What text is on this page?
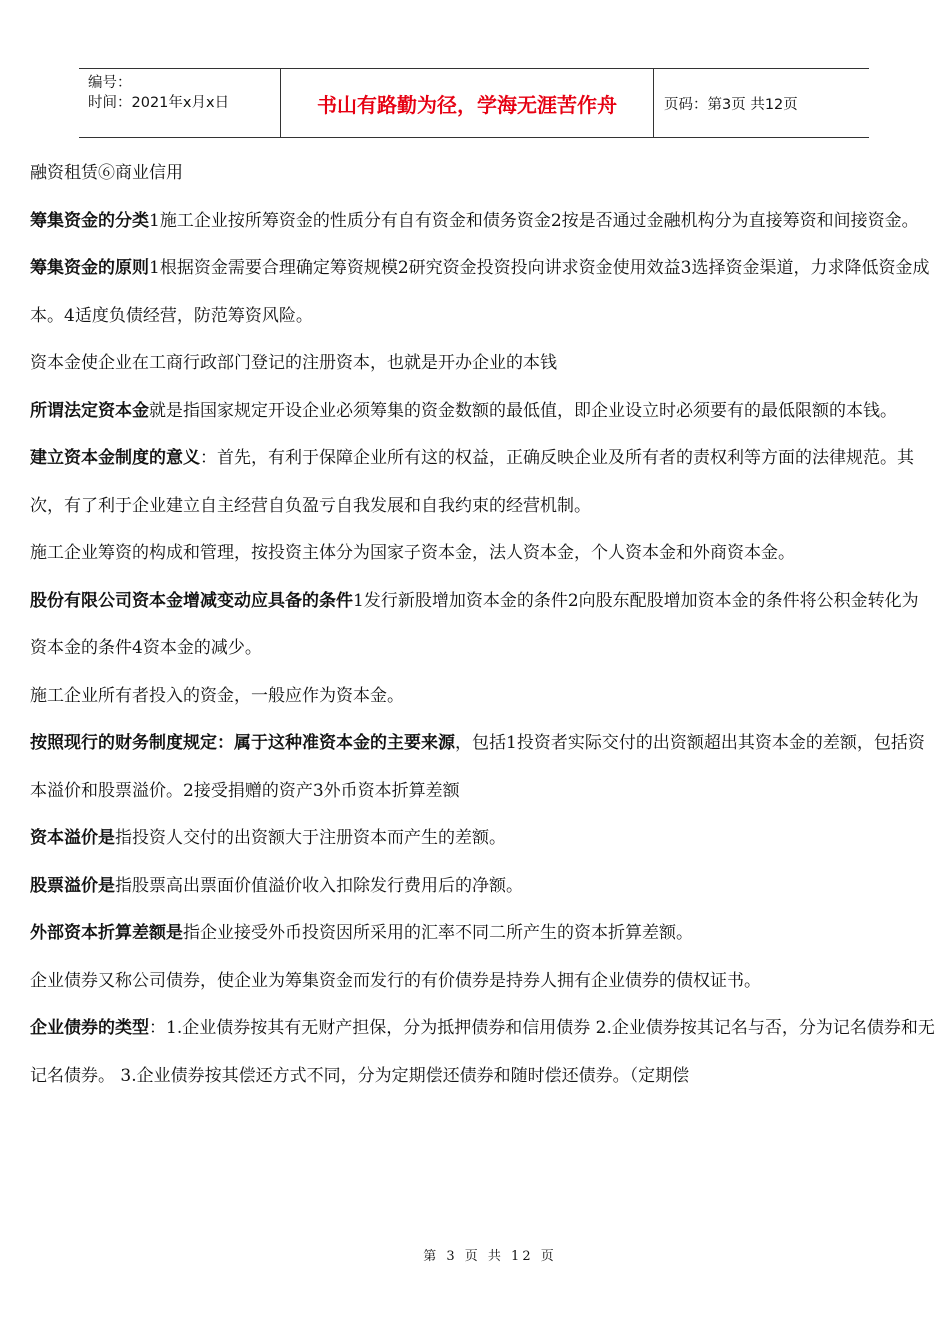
编号：
时间：2021年x月x日	书山有路勤为径，学海无涯苦作舟	页码：第3页 共12页

融资租赁⑥商业信用

筹集资金的分类1施工企业按所筹资金的性质分有自有资金和债务资金2按是否通过金融机构分为直接筹资和间接资金。

筹集资金的原则1根据资金需要合理确定筹资规模2研究资金投资投向讲求资金使用效益3选择资金渠道，力求降低资金成本。4适度负债经营，防范筹资风险。

资本金使企业在工商行政部门登记的注册资本，也就是开办企业的本钱

所谓法定资本金就是指国家规定开设企业必须筹集的资金数额的最低值，即企业设立时必须要有的最低限额的本钱。

建立资本金制度的意义：首先，有利于保障企业所有这的权益，正确反映企业及所有者的责权利等方面的法律规范。其次，有了利于企业建立自主经营自负盈亏自我发展和自我约束的经营机制。

施工企业筹资的构成和管理，按投资主体分为国家子资本金，法人资本金，个人资本金和外商资本金。

股份有限公司资本金增减变动应具备的条件1发行新股增加资本金的条件2向股东配股增加资本金的条件将公积金转化为资本金的条件4资本金的减少。

施工企业所有者投入的资金，一般应作为资本金。

按照现行的财务制度规定：属于这种准资本金的主要来源，包括1投资者实际交付的出资额超出其资本金的差额，包括资本溢价和股票溢价。2接受捐赠的资产3外币资本折算差额

资本溢价是指投资人交付的出资额大于注册资本而产生的差额。

股票溢价是指股票高出票面价值溢价收入扣除发行费用后的净额。

外部资本折算差额是指企业接受外币投资因所采用的汇率不同二所产生的资本折算差额。

企业债券又称公司债券，使企业为筹集资金而发行的有价债券是持券人拥有企业债券的债权证书。

企业债券的类型：1.企业债券按其有无财产担保，分为抵押债券和信用债券 2.企业债券按其记名与否，分为记名债券和无记名债券。 3.企业债券按其偿还方式不同，分为定期偿还债券和随时偿还债券。（定期偿

第 3 页 共 12 页
